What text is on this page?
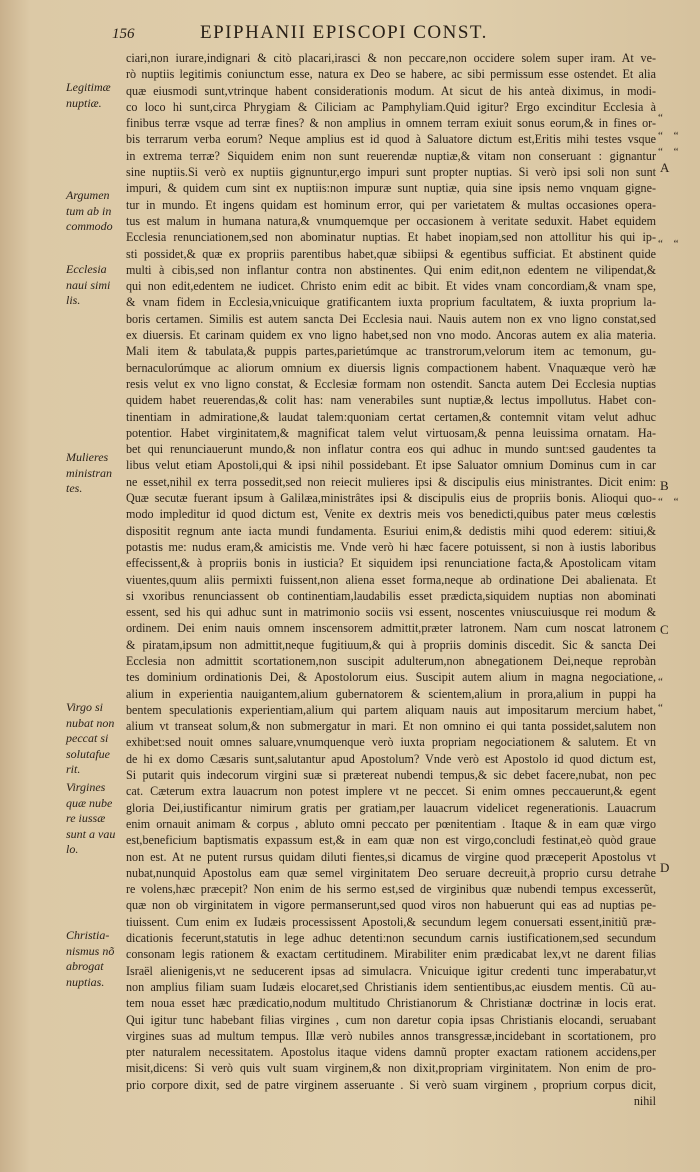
156	EPIPHANII EPISCOPI CONST.
Legitimæ
nuptiæ.
Argumen
tum ab in
commodo
Ecclesia
naui simi
lis.
Mulieres
ministran
tes.
Virgo si
nubat non
peccat si
solutafue
rit.
Virgines
quæ nube
re iussæ
sunt a vau
lo.
Christia-
nismus nõ
abrogat
nuptias.
A
B
C
D
“
“ “
“ “
“ “
“ “
“
“
ciari,non iurare,indignari & citò placari,irasci & non peccare,non occidere solem super iram. At ve-
rò nuptiis legitimis coniunctum esse, natura ex Deo se habere, ac sibi permissum esse ostendet. Et alia
quæ eiusmodi sunt,vtrinque habent considerationis modum. At sicut de his anteà diximus, in modi-
co loco hi sunt,circa Phrygiam & Ciliciam ac Pamphyliam.Quid igitur? Ergo excinditur Ecclesia à
finibus terræ vsque ad terræ fines? & non amplius in omnem terram exiuit sonus eorum,& in fines or-
bis terrarum verba eorum? Neque amplius est id quod à Saluatore dictum est,Eritis mihi testes vsque
in extrema terræ? Siquidem enim non sunt reuerendæ nuptiæ,& vitam non conseruant : gignantur
sine nuptiis.Si verò ex nuptiis gignuntur,ergo impuri sunt propter nuptias. Si verò ipsi soli non sunt
impuri, & quidem cum sint ex nuptiis:non impuræ sunt nuptiæ, quia sine ipsis nemo vnquam gigne-
tur in mundo. Et ingens quidam est hominum error, qui per varietatem & multas occasiones opera-
tus est malum in humana natura,& vnumquemque per occasionem à veritate seduxit. Habet equidem
Ecclesia renunciationem,sed non abominatur nuptias. Et habet inopiam,sed non attollitur his qui ip-
sti possidet,& quæ ex propriis parentibus habet,quæ sibiipsi & egentibus sufficiat. Et abstinent quide
multi à cibis,sed non inflantur contra non abstinentes. Qui enim edit,non edentem ne vilipendat,&
qui non edit,edentem ne iudicet. Christo enim edit ac bibit. Et vides vnam concordiam,& vnam spe,
& vnam fidem in Ecclesia,vnicuique gratificantem iuxta proprium facultatem, & iuxta proprium la-
boris certamen. Similis est autem sancta Dei Ecclesia naui. Nauis autem non ex vno ligno constat,sed
ex diuersis. Et carinam quidem ex vno ligno habet,sed non vno modo. Ancoras autem ex alia materia.
Mali item & tabulata,& puppis partes,parietúmque ac transtrorum,velorum item ac temonum, gu-
bernaculorúmque ac aliorum omnium ex diuersis lignis compactionem habent. Vnaquæque verò hæ
resis velut ex vno ligno constat, & Ecclesiæ formam non ostendit. Sancta autem Dei Ecclesia nuptias
quidem habet reuerendas,& colit has: nam venerabiles sunt nuptiæ,& lectus impollutus. Habet con-
tinentiam in admiratione,& laudat talem:quoniam certat certamen,& contemnit vitam velut adhuc
potentior. Habet virginitatem,& magnificat talem velut virtuosam,& penna leuissima ornatam. Ha-
bet qui renunciauerunt mundo,& non inflatur contra eos qui adhuc in mundo sunt:sed gaudentes ta
libus velut etiam Apostoli,qui & ipsi nihil possidebant. Et ipse Saluator omnium Dominus cum in car
ne esset,nihil ex terra possedit,sed non reiecit mulieres ipsi & discipulis eius ministrantes. Dicit enim:
Quæ secutæ fuerant ipsum à Galilæa,ministrâtes ipsi & discipulis eius de propriis bonis. Alioqui quo-
modo impleditur id quod dictum est, Venite ex dextris meis vos benedicti,quibus pater meus cœlestis
dispositit regnum ante iacta mundi fundamenta. Esuriui enim,& dedistis mihi quod ederem: sitiui,&
potastis me: nudus eram,& amicistis me. Vnde verò hi hæc facere potuissent, si non à iustis laboribus
effecissent,& à propriis bonis in iusticia? Et siquidem ipsi renunciatione facta,& Apostolicam vitam
viuentes,quum aliis permixti fuissent,non aliena esset forma,neque ab ordinatione Dei abalienata. Et
si vxoribus renunciassent ob continentiam,laudabilis esset prædicta,siquidem nuptias non abominati
essent, sed his qui adhuc sunt in matrimonio sociis vsi essent, noscentes vniuscuiusque rei modum &
ordinem. Dei enim nauis omnem inscensorem admittit,præter latronem. Nam cum noscat latronem
& piratam,ipsum non admittit,neque fugitiuum,& qui à propriis dominis discedit. Sic & sancta Dei
Ecclesia non admittit scortationem,non suscipit adulterum,non abnegationem Dei,neque reprobàn
tes dominium ordinationis Dei, & Apostolorum eius. Suscipit autem alium in magna negociatione,
alium in experientia nauigantem,alium gubernatorem & scientem,alium in prora,alium in puppi ha
bentem speculationis experientiam,alium qui partem aliquam nauis aut impositarum mercium habet,
alium vt transeat solum,& non submergatur in mari. Et non omnino ei qui tanta possidet,salutem non
exhibet:sed nouit omnes saluare,vnumquenque verò iuxta propriam negociationem & salutem. Et vn
de hi ex domo Cæsaris sunt,salutantur apud Apostolum? Vnde verò est Apostolo id quod dictum est,
Si putarit quis indecorum virgini suæ si prætereat nubendi tempus,& sic debet facere,nubat, non pec
cat. Cæterum extra lauacrum non potest implere vt ne peccet. Si enim omnes peccauerunt,& egent
gloria Dei,iustificantur nimirum gratis per gratiam,per lauacrum videlicet regenerationis. Lauacrum
enim ornauit animam & corpus , abluto omni peccato per pœnitentiam . Itaque & in eam quæ virgo
est,beneficium baptismatis expassum est,& in eam quæ non est virgo,concludi festinat,eò quòd graue
non est. At ne putent rursus quidam diluti fientes,si dicamus de virgine quod præceperit Apostolus vt
nubat,nunquid Apostolus eam quæ semel virginitatem Deo seruare decreuit,à proprio cursu detrahe
re volens,hæc præcepit? Non enim de his sermo est,sed de virginibus quæ nubendi tempus excesserũt,
quæ non ob virginitatem in vigore permanserunt,sed quod viros non habuerunt qui eas ad nuptias pe-
tiuissent. Cum enim ex Iudæis processissent Apostoli,& secundum legem conuersati essent,initiũ præ-
dicationis fecerunt,statutis in lege adhuc detenti:non secundum carnis iustificationem,sed secundum
consonam legis rationem & exactam certitudinem. Mirabiliter enim prædicabat lex,vt ne darent filias
Israël alienigenis,vt ne seducerent ipsas ad simulacra. Vnicuique igitur credenti tunc imperabatur,vt
non amplius filiam suam Iudæis elocaret,sed Christianis idem sentientibus,ac eiusdem mentis. Cũ au-
tem noua esset hæc prædicatio,nodum multitudo Christianorum & Christianæ doctrinæ in locis erat.
Qui igitur tunc habebant filias virgines , cum non daretur copia ipsas Christianis elocandi, seruabant
virgines suas ad multum tempus. Illæ verò nubiles annos transgressæ,incidebant in scortationem, pro
pter naturalem necessitatem. Apostolus itaque videns damnũ propter exactam rationem accidens,per
misit,dicens: Si verò quis vult suam virginem,& non dixit,propriam virginitatem. Non enim de pro-
prio corpore dixit, sed de patre virginem asseruante . Si verò suam virginem , proprium corpus dicit,
nihil
